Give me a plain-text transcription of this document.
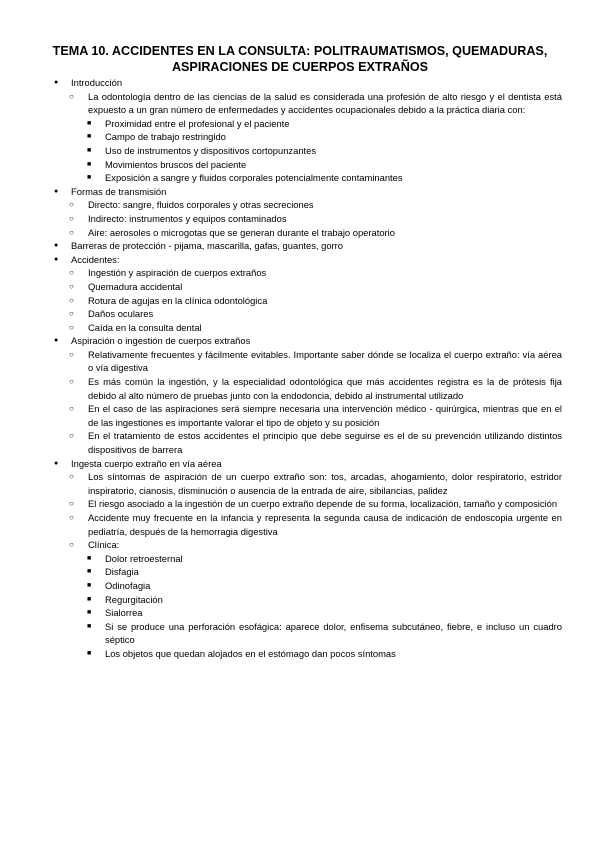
TEMA 10. ACCIDENTES EN LA CONSULTA: POLITRAUMATISMOS, QUEMADURAS,
ASPIRACIONES DE CUERPOS EXTRAÑOS
● Introducción
○ La odontología dentro de las ciencias de la salud es considerada una profesión de alto riesgo y el dentista está expuesto a un gran número de enfermedades y accidentes ocupacionales debido a la práctica diaria con:
■ Proximidad entre el profesional y el paciente
■ Campo de trabajo restringido
■ Uso de instrumentos y dispositivos cortopunzantes
■ Movimientos bruscos del paciente
■ Exposición a sangre y fluidos corporales potencialmente contaminantes
● Formas de transmisión
○ Directo: sangre, fluidos corporales y otras secreciones
○ Indirecto: instrumentos y equipos contaminados
○ Aire: aerosoles o microgotas que se generan durante el trabajo operatorio
● Barreras de protección - pijama, mascarilla, gafas, guantes, gorro
● Accidentes:
○ Ingestión y aspiración de cuerpos extraños
○ Quemadura accidental
○ Rotura de agujas en la clínica odontológica
○ Daños oculares
○ Caída en la consulta dental
● Aspiración o ingestión de cuerpos extraños
○ Relativamente frecuentes y fácilmente evitables. Importante saber dónde se localiza el cuerpo extraño: vía aérea o vía digestiva
○ Es más común la ingestión, y la especialidad odontológica que más accidentes registra es la de prótesis fija debido al alto número de pruebas junto con la endodoncia, debido al instrumental utilizado
○ En el caso de las aspiraciones será siempre necesaria una intervención médico - quirúrgica, mientras que en el de las ingestiones es importante valorar el tipo de objeto y su posición
○ En el tratamiento de estos accidentes el principio que debe seguirse es el de su prevención utilizando distintos dispositivos de barrera
● Ingesta cuerpo extraño en vía aérea
○ Los síntomas de aspiración de un cuerpo extraño son: tos, arcadas, ahogamiento, dolor respiratorio, estridor inspiratorio, cianosis, disminución o ausencia de la entrada de aire, sibilancias, palidez
○ El riesgo asociado a la ingestión de un cuerpo extraño depende de su forma, localización, tamaño y composición
○ Accidente muy frecuente en la infancia y representa la segunda causa de indicación de endoscopia urgente en pediatría, después de la hemorragia digestiva
○ Clínica:
■ Dolor retroesternal
■ Disfagia
■ Odinofagia
■ Regurgitación
■ Sialorrea
■ Si se produce una perforación esofágica: aparece dolor, enfisema subcutáneo, fiebre, e incluso un cuadro séptico
■ Los objetos que quedan alojados en el estómago dan pocos síntomas
